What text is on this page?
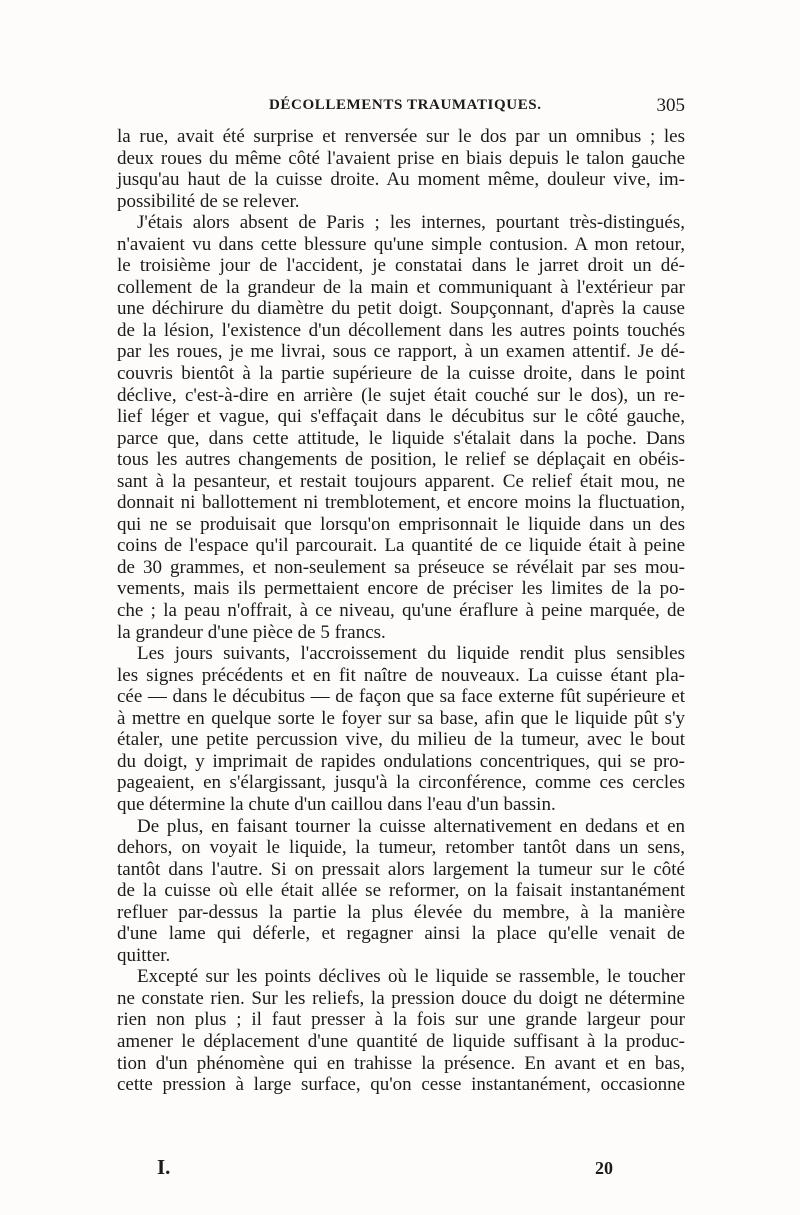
DÉCOLLEMENTS TRAUMATIQUES.	305
la rue, avait été surprise et renversée sur le dos par un omnibus ; les
deux roues du même côté l'avaient prise en biais depuis le talon gauche
jusqu'au haut de la cuisse droite. Au moment même, douleur vive, im-
possibilité de se relever.
J'étais alors absent de Paris ; les internes, pourtant très-distingués,
n'avaient vu dans cette blessure qu'une simple contusion. A mon retour,
le troisième jour de l'accident, je constatai dans le jarret droit un dé-
collement de la grandeur de la main et communiquant à l'extérieur par
une déchirure du diamètre du petit doigt. Soupçonnant, d'après la cause
de la lésion, l'existence d'un décollement dans les autres points touchés
par les roues, je me livrai, sous ce rapport, à un examen attentif. Je dé-
couvris bientôt à la partie supérieure de la cuisse droite, dans le point
déclive, c'est-à-dire en arrière (le sujet était couché sur le dos), un re-
lief léger et vague, qui s'effaçait dans le décubitus sur le côté gauche,
parce que, dans cette attitude, le liquide s'étalait dans la poche. Dans
tous les autres changements de position, le relief se déplaçait en obéis-
sant à la pesanteur, et restait toujours apparent. Ce relief était mou, ne
donnait ni ballottement ni tremblotement, et encore moins la fluctuation,
qui ne se produisait que lorsqu'on emprisonnait le liquide dans un des
coins de l'espace qu'il parcourait. La quantité de ce liquide était à peine
de 30 grammes, et non-seulement sa préseuce se révélait par ses mou-
vements, mais ils permettaient encore de préciser les limites de la po-
che ; la peau n'offrait, à ce niveau, qu'une éraflure à peine marquée, de
la grandeur d'une pièce de 5 francs.
Les jours suivants, l'accroissement du liquide rendit plus sensibles
les signes précédents et en fit naître de nouveaux. La cuisse étant pla-
cée — dans le décubitus — de façon que sa face externe fût supérieure et
à mettre en quelque sorte le foyer sur sa base, afin que le liquide pût s'y
étaler, une petite percussion vive, du milieu de la tumeur, avec le bout
du doigt, y imprimait de rapides ondulations concentriques, qui se pro-
pageaient, en s'élargissant, jusqu'à la circonférence, comme ces cercles
que détermine la chute d'un caillou dans l'eau d'un bassin.
De plus, en faisant tourner la cuisse alternativement en dedans et en
dehors, on voyait le liquide, la tumeur, retomber tantôt dans un sens,
tantôt dans l'autre. Si on pressait alors largement la tumeur sur le côté
de la cuisse où elle était allée se reformer, on la faisait instantanément
refluer par-dessus la partie la plus élevée du membre, à la manière
d'une lame qui déferle, et regagner ainsi la place qu'elle venait de
quitter.
Excepté sur les points déclives où le liquide se rassemble, le toucher
ne constate rien. Sur les reliefs, la pression douce du doigt ne détermine
rien non plus ; il faut presser à la fois sur une grande largeur pour
amener le déplacement d'une quantité de liquide suffisant à la produc-
tion d'un phénomène qui en trahisse la présence. En avant et en bas,
cette pression à large surface, qu'on cesse instantanément, occasionne
I.	20
